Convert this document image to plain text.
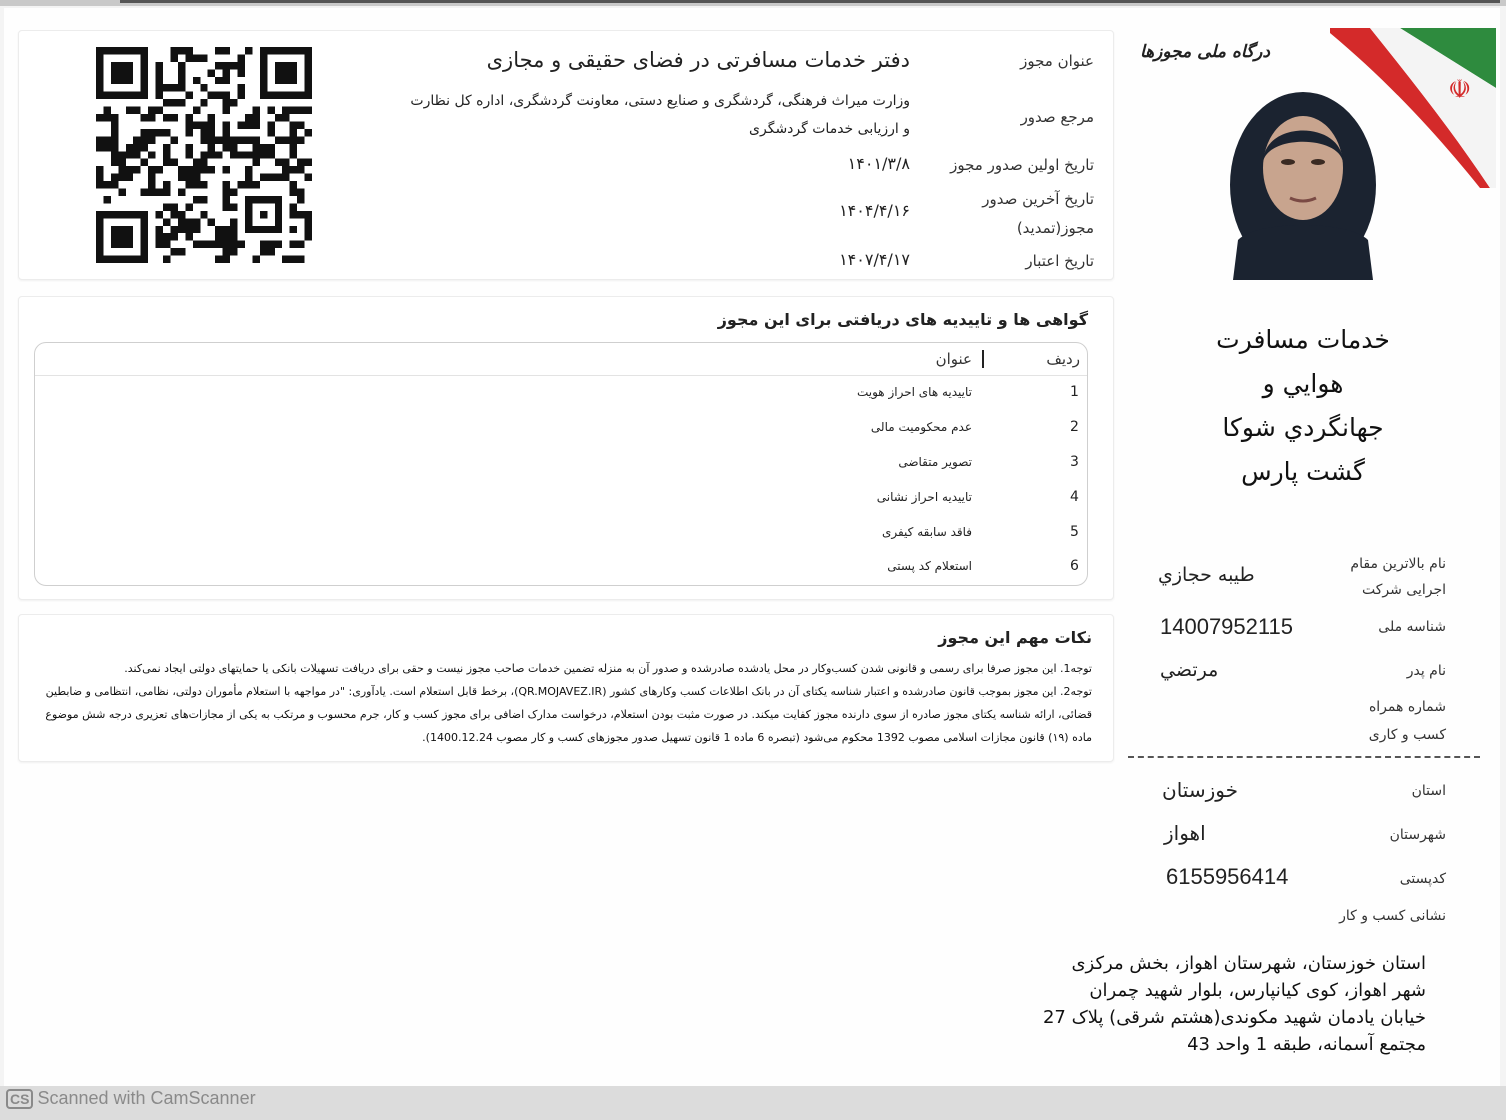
عنوان مجوز
دفتر خدمات مسافرتی در فضای حقیقی و مجازی
مرجع صدور
وزارت میراث فرهنگی، گردشگری و صنایع دستی، معاونت گردشگری، اداره کل نظارت
و ارزیابی خدمات گردشگری
تاریخ اولین صدور مجوز
۱۴۰۱/۳/۸
تاریخ آخرین صدور
مجوز(تمدید)
۱۴۰۴/۴/۱۶
تاریخ اعتبار
۱۴۰۷/۴/۱۷
گواهی ها و تاییدیه های دریافتی برای این مجوز
ردیف
عنوان
1
تاییدیه های احراز هویت
2
عدم محکومیت مالی
3
تصویر متقاضی
4
تاییدیه احراز نشانی
5
فاقد سابقه کیفری
6
استعلام کد پستی
نکات مهم این مجوز
توجه1. این مجوز صرفا برای رسمی و قانونی شدن کسب‌وکار در محل یادشده صادرشده و صدور آن به منزله تضمین خدمات صاحب مجوز نیست و حقی برای دریافت تسهیلات بانکی یا حمایتهای دولتی ایجاد نمی‌کند.
توجه2. این مجوز بموجب قانون صادرشده و اعتبار شناسه یکتای آن در بانک اطلاعات کسب وکارهای کشور (QR.MOJAVEZ.IR)، برخط قابل استعلام است. یادآوری: "در مواجهه با استعلام مأموران دولتی، نظامی، انتظامی و ضابطین
قضائی، ارائه شناسه یکتای مجوز صادره از سوی دارنده مجوز کفایت میکند. در صورت مثبت بودن استعلام، درخواست مدارک اضافی برای مجوز کسب و کار، جرم محسوب و مرتکب به یکی از مجازات‌های تعزیری درجه شش موضوع
ماده (۱۹) قانون مجازات اسلامی مصوب 1392 محکوم می‌شود (تبصره 6 ماده 1 قانون تسهیل صدور مجوزهای کسب و کار مصوب 1400.12.24).
☫
درگاه ملی مجوزها
خدمات مسافرت
هوايي و
جهانگردي شوكا
گشت پارس
نام بالاترین مقام
اجرایی شرکت
طیبه حجازي
شناسه ملی
14007952115
نام پدر
مرتضي
شماره همراه
کسب و کاری
استان
خوزستان
شهرستان
اهواز
کدپستی
6155956414
نشانی کسب و کار
استان خوزستان، شهرستان اهواز، بخش مرکزی
شهر اهواز، کوی کیانپارس، بلوار شهید چمران
خیابان یادمان شهید مکوندی(هشتم شرقی) پلاک 27
مجتمع آسمانه، طبقه 1 واحد 43
CS Scanned with CamScanner
